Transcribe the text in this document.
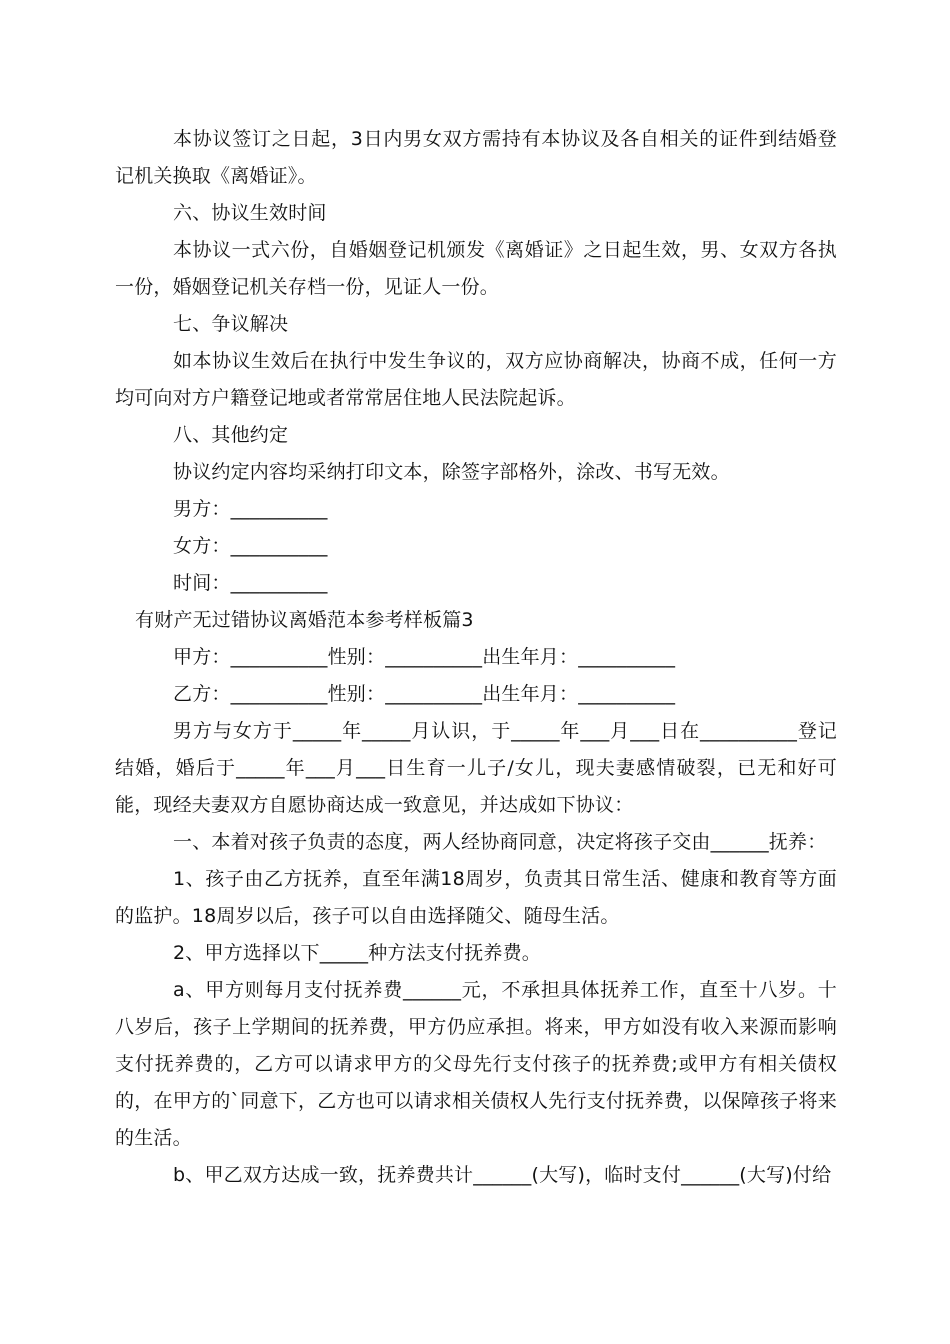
本协议签订之日起，3日内男女双方需持有本协议及各自相关的证件到结婚登记机关换取《离婚证》。

六、协议生效时间

本协议一式六份，自婚姻登记机颁发《离婚证》之日起生效，男、女双方各执一份，婚姻登记机关存档一份，见证人一份。

七、争议解决

如本协议生效后在执行中发生争议的，双方应协商解决，协商不成，任何一方均可向对方户籍登记地或者常常居住地人民法院起诉。

八、其他约定

协议约定内容均采纳打印文本，除签字部格外，涂改、书写无效。

男方：__________

女方：__________

时间：__________

有财产无过错协议离婚范本参考样板篇3

甲方：__________性别：__________出生年月：__________

乙方：__________性别：__________出生年月：__________

男方与女方于_____年_____月认识，于_____年___月___日在__________登记结婚，婚后于_____年___月___日生育一儿子/女儿，现夫妻感情破裂，已无和好可能，现经夫妻双方自愿协商达成一致意见，并达成如下协议：

一、本着对孩子负责的态度，两人经协商同意，决定将孩子交由______抚养：

1、孩子由乙方抚养，直至年满18周岁，负责其日常生活、健康和教育等方面的监护。18周岁以后，孩子可以自由选择随父、随母生活。

2、甲方选择以下_____种方法支付抚养费。

a、甲方则每月支付抚养费______元，不承担具体抚养工作，直至十八岁。十八岁后，孩子上学期间的抚养费，甲方仍应承担。将来，甲方如没有收入来源而影响支付抚养费的，乙方可以请求甲方的父母先行支付孩子的抚养费;或甲方有相关债权的，在甲方的`同意下，乙方也可以请求相关债权人先行支付抚养费，以保障孩子将来的生活。

b、甲乙双方达成一致，抚养费共计______(大写)，临时支付______(大写)付给
